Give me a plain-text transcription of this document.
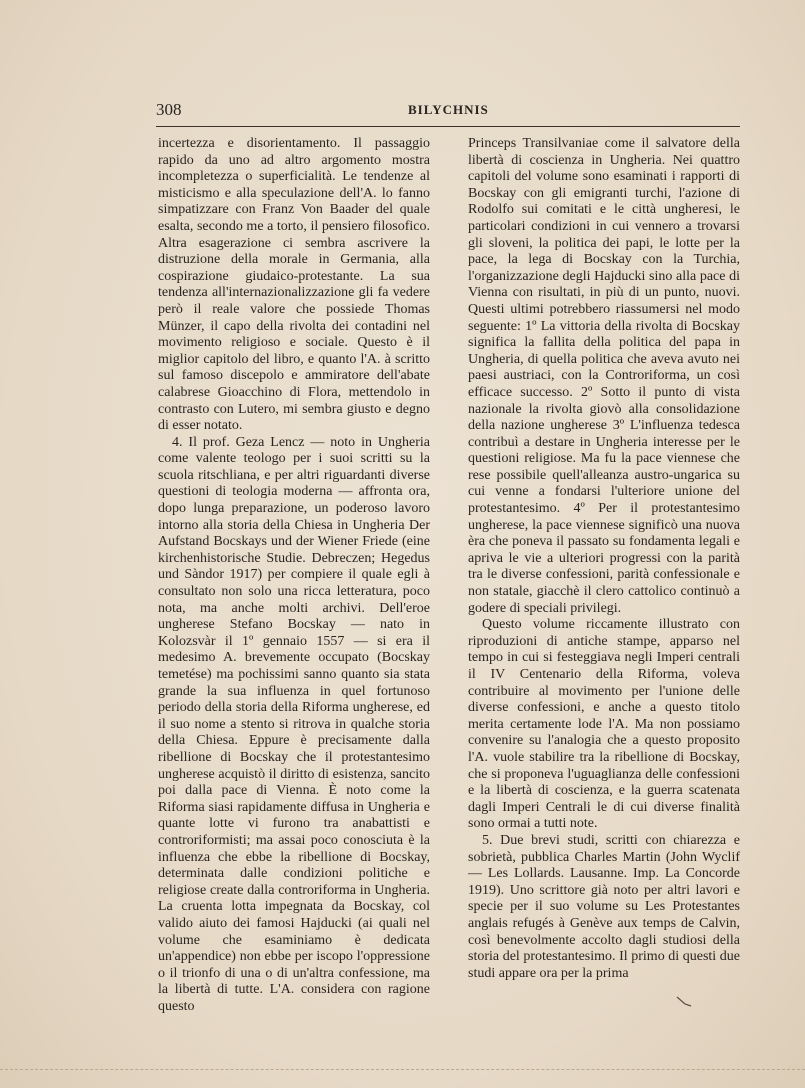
308	BILYCHNIS

incertezza e disorientamento. Il passaggio rapido da uno ad altro argomento mostra incompletezza o superficialità. Le tendenze al misticismo e alla speculazione dell'A. lo fanno simpatizzare con Franz Von Baader del quale esalta, secondo me a torto, il pensiero filosofico. Altra esagerazione ci sembra ascrivere la distruzione della morale in Germania, alla cospirazione giudaico-protestante. La sua tendenza all'internazionalizzazione gli fa vedere però il reale valore che possiede Thomas Münzer, il capo della rivolta dei contadini nel movimento religioso e sociale. Questo è il miglior capitolo del libro, e quanto l'A. à scritto sul famoso discepolo e ammiratore dell'abate calabrese Gioacchino di Flora, mettendolo in contrasto con Lutero, mi sembra giusto e degno di esser notato.

4. Il prof. Geza Lencz — noto in Ungheria come valente teologo per i suoi scritti su la scuola ritschliana, e per altri riguardanti diverse questioni di teologia moderna — affronta ora, dopo lunga preparazione, un poderoso lavoro intorno alla storia della Chiesa in Ungheria Der Aufstand Bocskays und der Wiener Friede (eine kirchenhistorische Studie. Debreczen; Hegedus und Sàndor 1917) per compiere il quale egli à consultato non solo una ricca letteratura, poco nota, ma anche molti archivi. Dell'eroe ungherese Stefano Bocskay — nato in Kolozsvàr il 1º gennaio 1557 — si era il medesimo A. brevemente occupato (Bocskay temetése) ma pochissimi sanno quanto sia stata grande la sua influenza in quel fortunoso periodo della storia della Riforma ungherese, ed il suo nome a stento si ritrova in qualche storia della Chiesa. Eppure è precisamente dalla ribellione di Bocskay che il protestantesimo ungherese acquistò il diritto di esistenza, sancito poi dalla pace di Vienna. È noto come la Riforma siasi rapidamente diffusa in Ungheria e quante lotte vi furono tra anabattisti e controriformisti; ma assai poco conosciuta è la influenza che ebbe la ribellione di Bocskay, determinata dalle condizioni politiche e religiose create dalla controriforma in Ungheria. La cruenta lotta impegnata da Bocskay, col valido aiuto dei famosi Hajducki (ai quali nel volume che esaminiamo è dedicata un'appendice) non ebbe per iscopo l'oppressione o il trionfo di una o di un'altra confessione, ma la libertà di tutte. L'A. considera con ragione questo

Princeps Transilvaniae come il salvatore della libertà di coscienza in Ungheria. Nei quattro capitoli del volume sono esaminati i rapporti di Bocskay con gli emigranti turchi, l'azione di Rodolfo sui comitati e le città ungheresi, le particolari condizioni in cui vennero a trovarsi gli sloveni, la politica dei papi, le lotte per la pace, la lega di Bocskay con la Turchia, l'organizzazione degli Hajducki sino alla pace di Vienna con risultati, in più di un punto, nuovi. Questi ultimi potrebbero riassumersi nel modo seguente: 1º La vittoria della rivolta di Bocskay significa la fallita della politica del papa in Ungheria, di quella politica che aveva avuto nei paesi austriaci, con la Controriforma, un così efficace successo. 2º Sotto il punto di vista nazionale la rivolta giovò alla consolidazione della nazione ungherese 3º L'influenza tedesca contribuì a destare in Ungheria interesse per le questioni religiose. Ma fu la pace viennese che rese possibile quell'alleanza austro-ungarica su cui venne a fondarsi l'ulteriore unione del protestantesimo. 4º Per il protestantesimo ungherese, la pace viennese significò una nuova èra che poneva il passato su fondamenta legali e apriva le vie a ulteriori progressi con la parità tra le diverse confessioni, parità confessionale e non statale, giacchè il clero cattolico continuò a godere di speciali privilegi.

Questo volume riccamente illustrato con riproduzioni di antiche stampe, apparso nel tempo in cui si festeggiava negli Imperi centrali il IV Centenario della Riforma, voleva contribuire al movimento per l'unione delle diverse confessioni, e anche a questo titolo merita certamente lode l'A. Ma non possiamo convenire su l'analogia che a questo proposito l'A. vuole stabilire tra la ribellione di Bocskay, che si proponeva l'uguaglianza delle confessioni e la libertà di coscienza, e la guerra scatenata dagli Imperi Centrali le di cui diverse finalità sono ormai a tutti note.

5. Due brevi studi, scritti con chiarezza e sobrietà, pubblica Charles Martin (John Wyclif — Les Lollards. Lausanne. Imp. La Concorde 1919). Uno scrittore già noto per altri lavori e specie per il suo volume su Les Protestantes anglais refugés à Genève aux temps de Calvin, così benevolmente accolto dagli studiosi della storia del protestantesimo. Il primo di questi due studi appare ora per la prima
